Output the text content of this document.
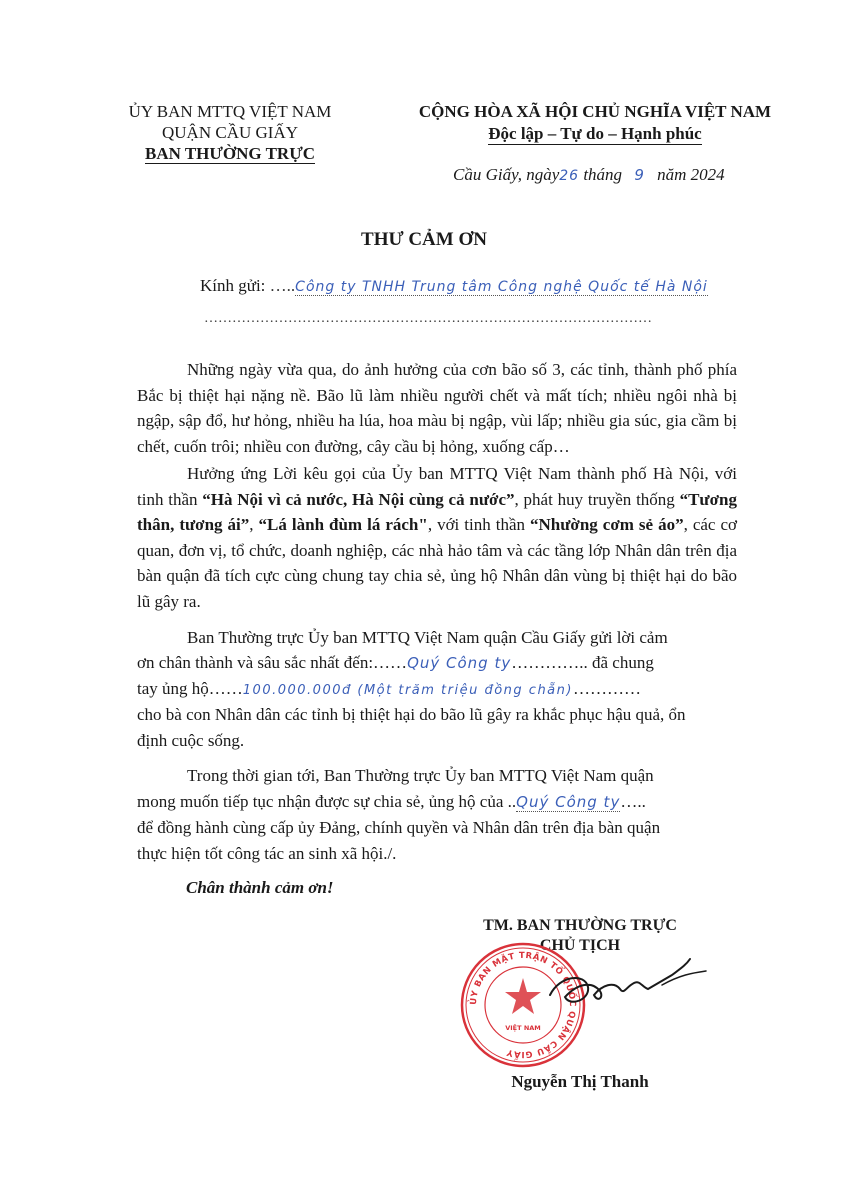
ỦY BAN MTTQ VIỆT NAM
QUẬN CẦU GIẤY
BAN THƯỜNG TRỰC
CỘNG HÒA XÃ HỘI CHỦ NGHĨA VIỆT NAM
Độc lập – Tự do – Hạnh phúc
Cầu Giấy, ngày26 tháng 9 năm 2024
THƯ CẢM ƠN
Kính gửi: …..Công ty TNHH Trung tâm Công nghệ Quốc tế Hà Nội
……………………………………………………………………………………

Những ngày vừa qua, do ảnh hưởng của cơn bão số 3, các tỉnh, thành phố phía Bắc bị thiệt hại nặng nề. Bão lũ làm nhiều người chết và mất tích; nhiều ngôi nhà bị ngập, sập đổ, hư hỏng, nhiều ha lúa, hoa màu bị ngập, vùi lấp; nhiều gia súc, gia cầm bị chết, cuốn trôi; nhiều con đường, cây cầu bị hỏng, xuống cấp…

Hưởng ứng Lời kêu gọi của Ủy ban MTTQ Việt Nam thành phố Hà Nội, với tinh thần “Hà Nội vì cả nước, Hà Nội cùng cả nước”, phát huy truyền thống “Tương thân, tương ái”, “Lá lành đùm lá rách", với tinh thần “Nhường cơm sẻ áo”, các cơ quan, đơn vị, tổ chức, doanh nghiệp, các nhà hảo tâm và các tầng lớp Nhân dân trên địa bàn quận đã tích cực cùng chung tay chia sẻ, ủng hộ Nhân dân vùng bị thiệt hại do bão lũ gây ra.

Ban Thường trực Ủy ban MTTQ Việt Nam quận Cầu Giấy gửi lời cảm
ơn chân thành và sâu sắc nhất đến:……Quý Công ty………….. đã chung
tay ủng hộ……100.000.000đ (Một trăm triệu đồng chẵn)…………
cho bà con Nhân dân các tỉnh bị thiệt hại do bão lũ gây ra khắc phục hậu quả, ổn
định cuộc sống.
Trong thời gian tới, Ban Thường trực Ủy ban MTTQ Việt Nam quận
mong muốn tiếp tục nhận được sự chia sẻ, ủng hộ của ..Quý Công ty…..
để đồng hành cùng cấp ủy Đảng, chính quyền và Nhân dân trên địa bàn quận
thực hiện tốt công tác an sinh xã hội./.
Chân thành cảm ơn!
TM. BAN THƯỜNG TRỰC
CHỦ TỊCH
ỦY BAN MẶT TRẬN TỔ QUỐC QUẬN CẦU GIẤY
VIỆT NAM
Nguyễn Thị Thanh
